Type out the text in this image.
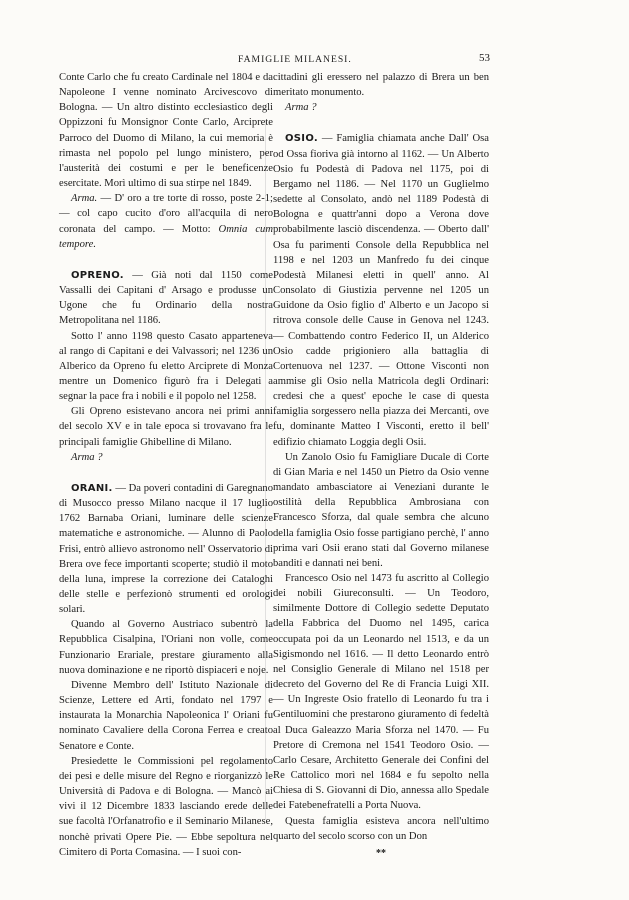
FAMIGLIE MILANESI.	53

Conte Carlo che fu creato Cardinale nel 1804 e da Napoleone I venne nominato Arcivescovo di Bologna. — Un altro distinto ecclesiastico degli Oppizzoni fu Monsignor Conte Carlo, Arciprete Parroco del Duomo di Milano, la cui memoria è rimasta nel popolo pel lungo ministero, per l'austerità dei costumi e per le beneficenze esercitate. Morì ultimo di sua stirpe nel 1849.

Arma. — D' oro a tre torte di rosso, poste 2-1; — col capo cucito d'oro all'acquila di nero coronata del campo. — Motto: Omnia cum tempore.

OPRENO. — Già noti dal 1150 come Vassalli dei Capitani d' Arsago e produsse un Ugone che fu Ordinario della nostra Metropolitana nel 1186.

Sotto l' anno 1198 questo Casato apparteneva al rango di Capitani e dei Valvassori; nel 1236 un Alberico da Opreno fu eletto Arciprete di Monza mentre un Domenico figurò fra i Delegati a segnar la pace fra i nobili e il popolo nel 1258.

Gli Opreno esistevano ancora nei primi anni del secolo XV e in tale epoca si trovavano fra le principali famiglie Ghibelline di Milano.

Arma ?

ORANI. — Da poveri contadini di Garegnano di Musocco presso Milano nacque il 17 luglio 1762 Barnaba Oriani, luminare delle scienze matematiche e astronomiche. — Alunno di Paolo Frisi, entrò allievo astronomo nell' Osservatorio di Brera ove fece importanti scoperte; studiò il moto della luna, imprese la correzione dei Cataloghi delle stelle e perfezionò strumenti ed orologi solari.

Quando al Governo Austriaco subentrò la Repubblica Cisalpina, l'Oriani non volle, come Funzionario Erariale, prestare giuramento alla nuova dominazione e ne riportò dispiaceri e noje.

Divenne Membro dell' Istituto Nazionale di Scienze, Lettere ed Arti, fondato nel 1797 e instaurata la Monarchia Napoleonica l' Oriani fu nominato Cavaliere della Corona Ferrea e creato Senatore e Conte.

Presiedette le Commissioni pel regolamento dei pesi e delle misure del Regno e riorganizzò le Università di Padova e di Bologna. — Mancò ai vivi il 12 Dicembre 1833 lasciando erede delle sue facoltà l'Orfanatrofio e il Seminario Milanese, nonchè privati Opere Pie. — Ebbe sepoltura nel Cimitero di Porta Comasina. — I suoi con-

cittadini gli eressero nel palazzo di Brera un ben meritato monumento.

Arma ?

OSIO. — Famiglia chiamata anche Dall' Osa od Ossa fioriva già intorno al 1162. — Un Alberto Osio fu Podestà di Padova nel 1175, poi di Bergamo nel 1186. — Nel 1170 un Guglielmo sedette al Consolato, andò nel 1189 Podestà di Bologna e quattr'anni dopo a Verona dove probabilmente lasciò discendenza. — Oberto dall' Osa fu parimenti Console della Repubblica nel 1198 e nel 1203 un Manfredo fu dei cinque Podestà Milanesi eletti in quell' anno. Al Consolato di Giustizia pervenne nel 1205 un Guidone da Osio figlio d' Alberto e un Jacopo si ritrova console delle Cause in Genova nel 1243. — Combattendo contro Federico II, un Alderico Osio cadde prigioniero alla battaglia di Cortenuova nel 1237. — Ottone Visconti non ammise gli Osio nella Matricola degli Ordinari: credesi che a quest' epoche le case di questa famiglia sorgessero nella piazza dei Mercanti, ove fu, dominante Matteo I Visconti, eretto il bell' edifizio chiamato Loggia degli Osii.

Un Zanolo Osio fu Famigliare Ducale di Corte di Gian Maria e nel 1450 un Pietro da Osio venne mandato ambasciatore ai Veneziani durante le ostilità della Repubblica Ambrosiana con Francesco Sforza, dal quale sembra che alcuno della famiglia Osio fosse partigiano perchè, l' anno prima vari Osii erano stati dal Governo milanese banditi e dannati nei beni.

Francesco Osio nel 1473 fu ascritto al Collegio dei nobili Giureconsulti. — Un Teodoro, similmente Dottore di Collegio sedette Deputato della Fabbrica del Duomo nel 1495, carica occupata poi da un Leonardo nel 1513, e da un Sigismondo nel 1616. — Il detto Leonardo entrò nel Consiglio Generale di Milano nel 1518 per decreto del Governo del Re di Francia Luigi XII. — Un Ingreste Osio fratello di Leonardo fu tra i Gentiluomini che prestarono giuramento di fedeltà al Duca Galeazzo Maria Sforza nel 1470. — Fu Pretore di Cremona nel 1541 Teodoro Osio. — Carlo Cesare, Architetto Generale dei Confini del Re Cattolico morì nel 1684 e fu sepolto nella Chiesa di S. Giovanni di Dio, annessa allo Spedale dei Fatebenefratelli a Porta Nuova.

Questa famiglia esisteva ancora nell'ultimo quarto del secolo scorso con un Don

**
